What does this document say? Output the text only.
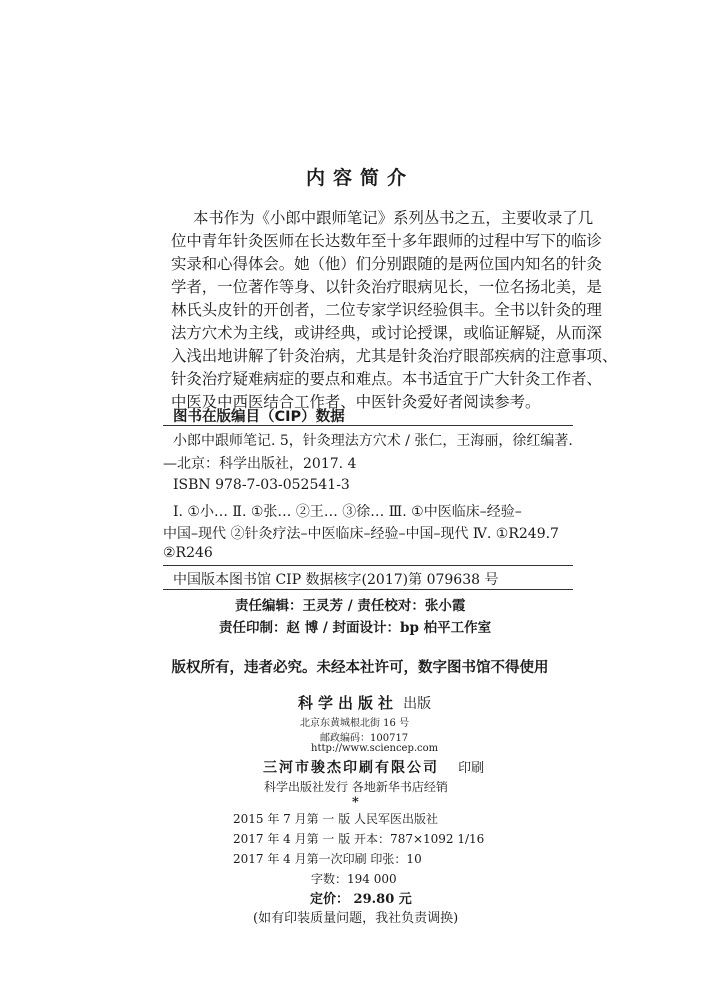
内容简介
本书作为《小郎中跟师笔记》系列丛书之五，主要收录了几
位中青年针灸医师在长达数年至十多年跟师的过程中写下的临诊
实录和心得体会。她（他）们分别跟随的是两位国内知名的针灸
学者，一位著作等身、以针灸治疗眼病见长，一位名扬北美，是
林氏头皮针的开创者，二位专家学识经验俱丰。全书以针灸的理
法方穴术为主线，或讲经典，或讨论授课，或临证解疑，从而深
入浅出地讲解了针灸治病，尤其是针灸治疗眼部疾病的注意事项、
针灸治疗疑难病症的要点和难点。本书适宜于广大针灸工作者、
中医及中西医结合工作者、中医针灸爱好者阅读参考。
图书在版编目（CIP）数据
小郎中跟师笔记. 5，针灸理法方穴术 / 张仁，王海丽，徐红编著.
—北京：科学出版社，2017. 4
ISBN 978-7-03-052541-3
Ⅰ. ①小… Ⅱ. ①张… ②王… ③徐… Ⅲ. ①中医临床–经验–
中国–现代 ②针灸疗法–中医临床–经验–中国–现代 Ⅳ. ①R249.7
②R246
中国版本图书馆 CIP 数据核字(2017)第 079638 号
责任编辑：王灵芳 / 责任校对：张小霞
责任印制：赵 博 / 封面设计：bp 柏平工作室
版权所有，违者必究。未经本社许可，数字图书馆不得使用
科学出版社 出版
北京东黄城根北街 16 号
邮政编码：100717
http://www.sciencep.com
三河市骏杰印刷有限公司 印刷
科学出版社发行 各地新华书店经销
*
2015 年 7 月第 一 版 人民军医出版社
2017 年 4 月第 一 版 开本：787×1092 1/16
2017 年 4 月第一次印刷 印张：10
字数：194 000
定价： 29.80 元
(如有印装质量问题，我社负责调换)
